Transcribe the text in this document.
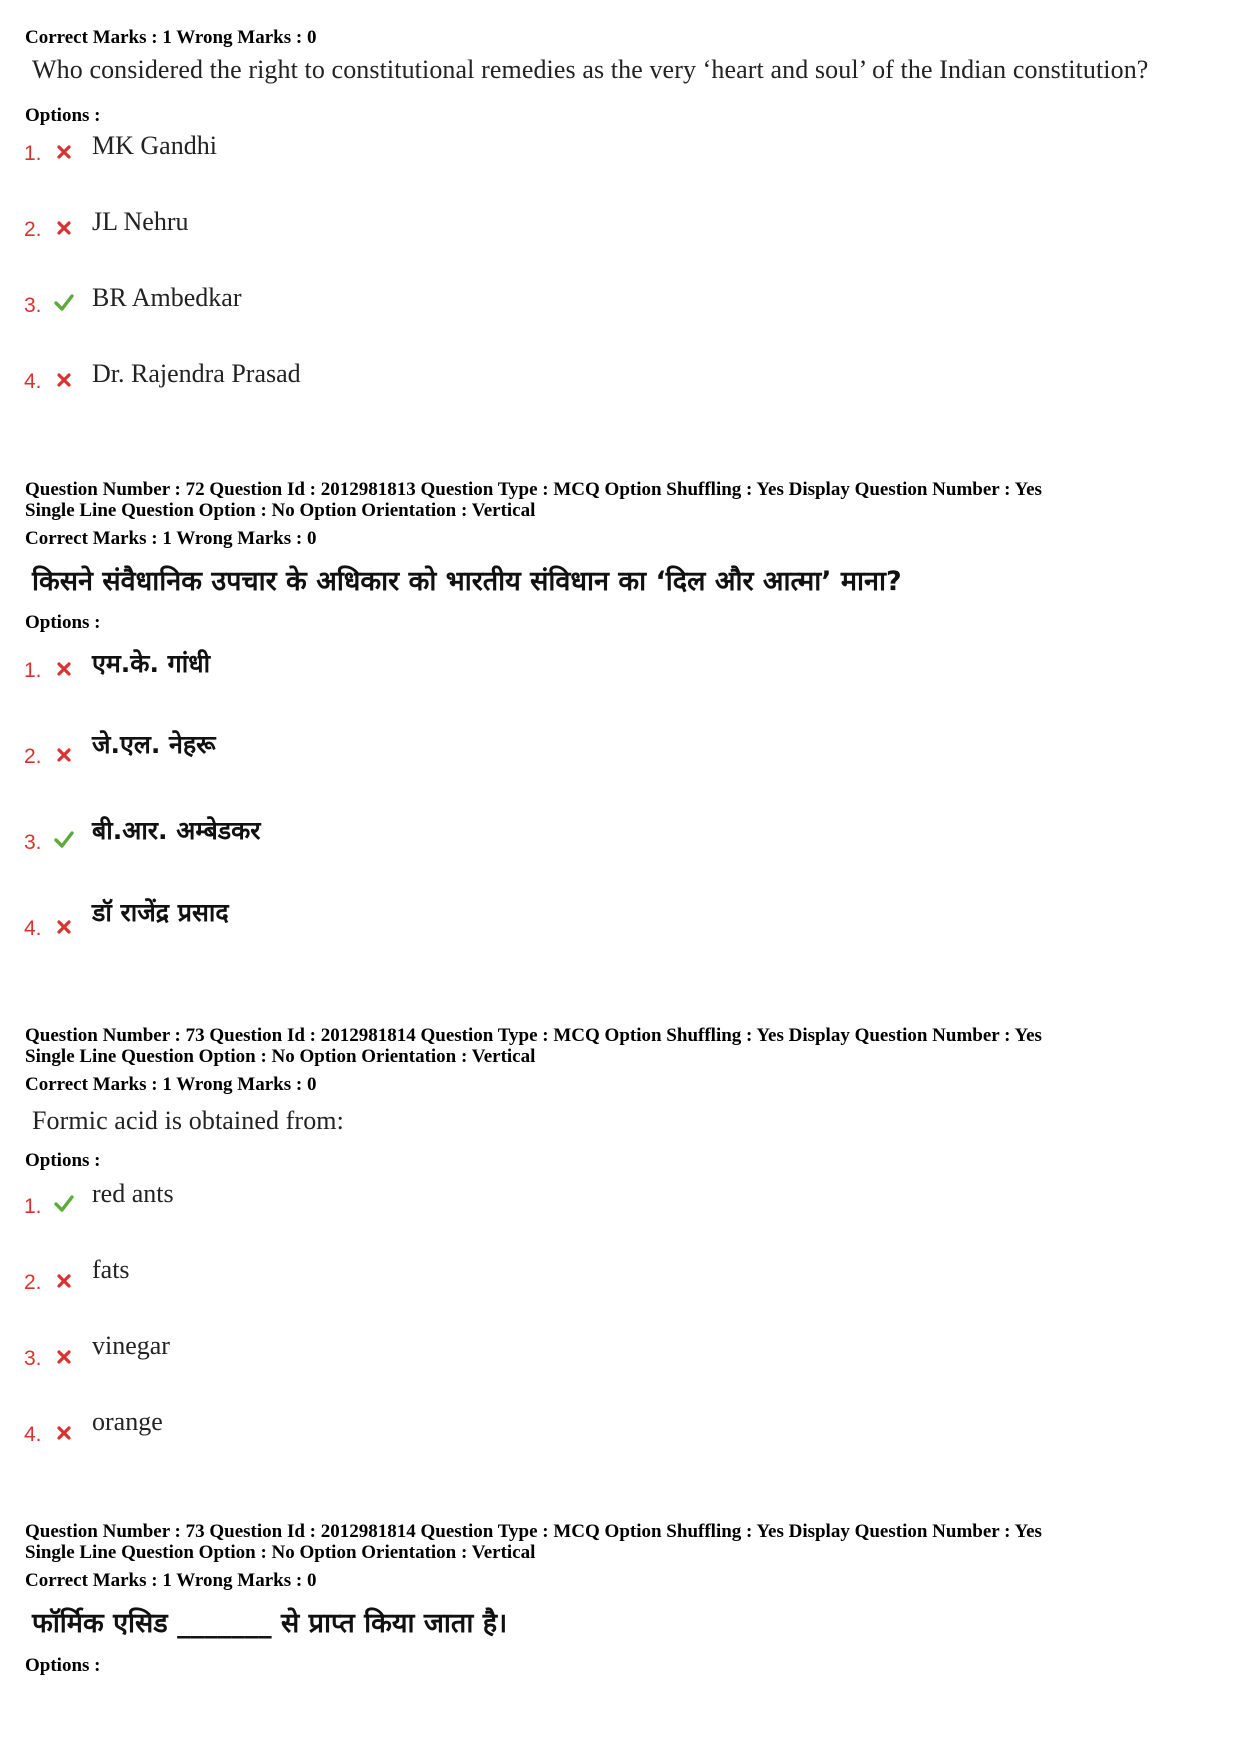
Correct Marks : 1 Wrong Marks : 0
Who considered the right to constitutional remedies as the very ‘heart and soul’ of the Indian constitution?
Options :
1. MK Gandhi
2. JL Nehru
3. BR Ambedkar
4. Dr. Rajendra Prasad
Question Number : 72 Question Id : 2012981813 Question Type : MCQ Option Shuffling : Yes Display Question Number : Yes
Single Line Question Option : No Option Orientation : Vertical
Correct Marks : 1 Wrong Marks : 0
किसने संवैधानिक उपचार के अधिकार को भारतीय संविधान का ‘दिल और आत्मा’ माना?
Options :
1. एम.के. गांधी
2. जे.एल. नेहरू
3. बी.आर. अम्बेडकर
4.
डॉ राजेंद्र प्रसाद
Question Number : 73 Question Id : 2012981814 Question Type : MCQ Option Shuffling : Yes Display Question Number : Yes
Single Line Question Option : No Option Orientation : Vertical
Correct Marks : 1 Wrong Marks : 0
Formic acid is obtained from:
Options :
1. red ants
2. fats
3. vinegar
4. orange
Question Number : 73 Question Id : 2012981814 Question Type : MCQ Option Shuffling : Yes Display Question Number : Yes
Single Line Question Option : No Option Orientation : Vertical
Correct Marks : 1 Wrong Marks : 0
फॉर्मिक एसिड _______ से प्राप्त किया जाता है।
Options :
